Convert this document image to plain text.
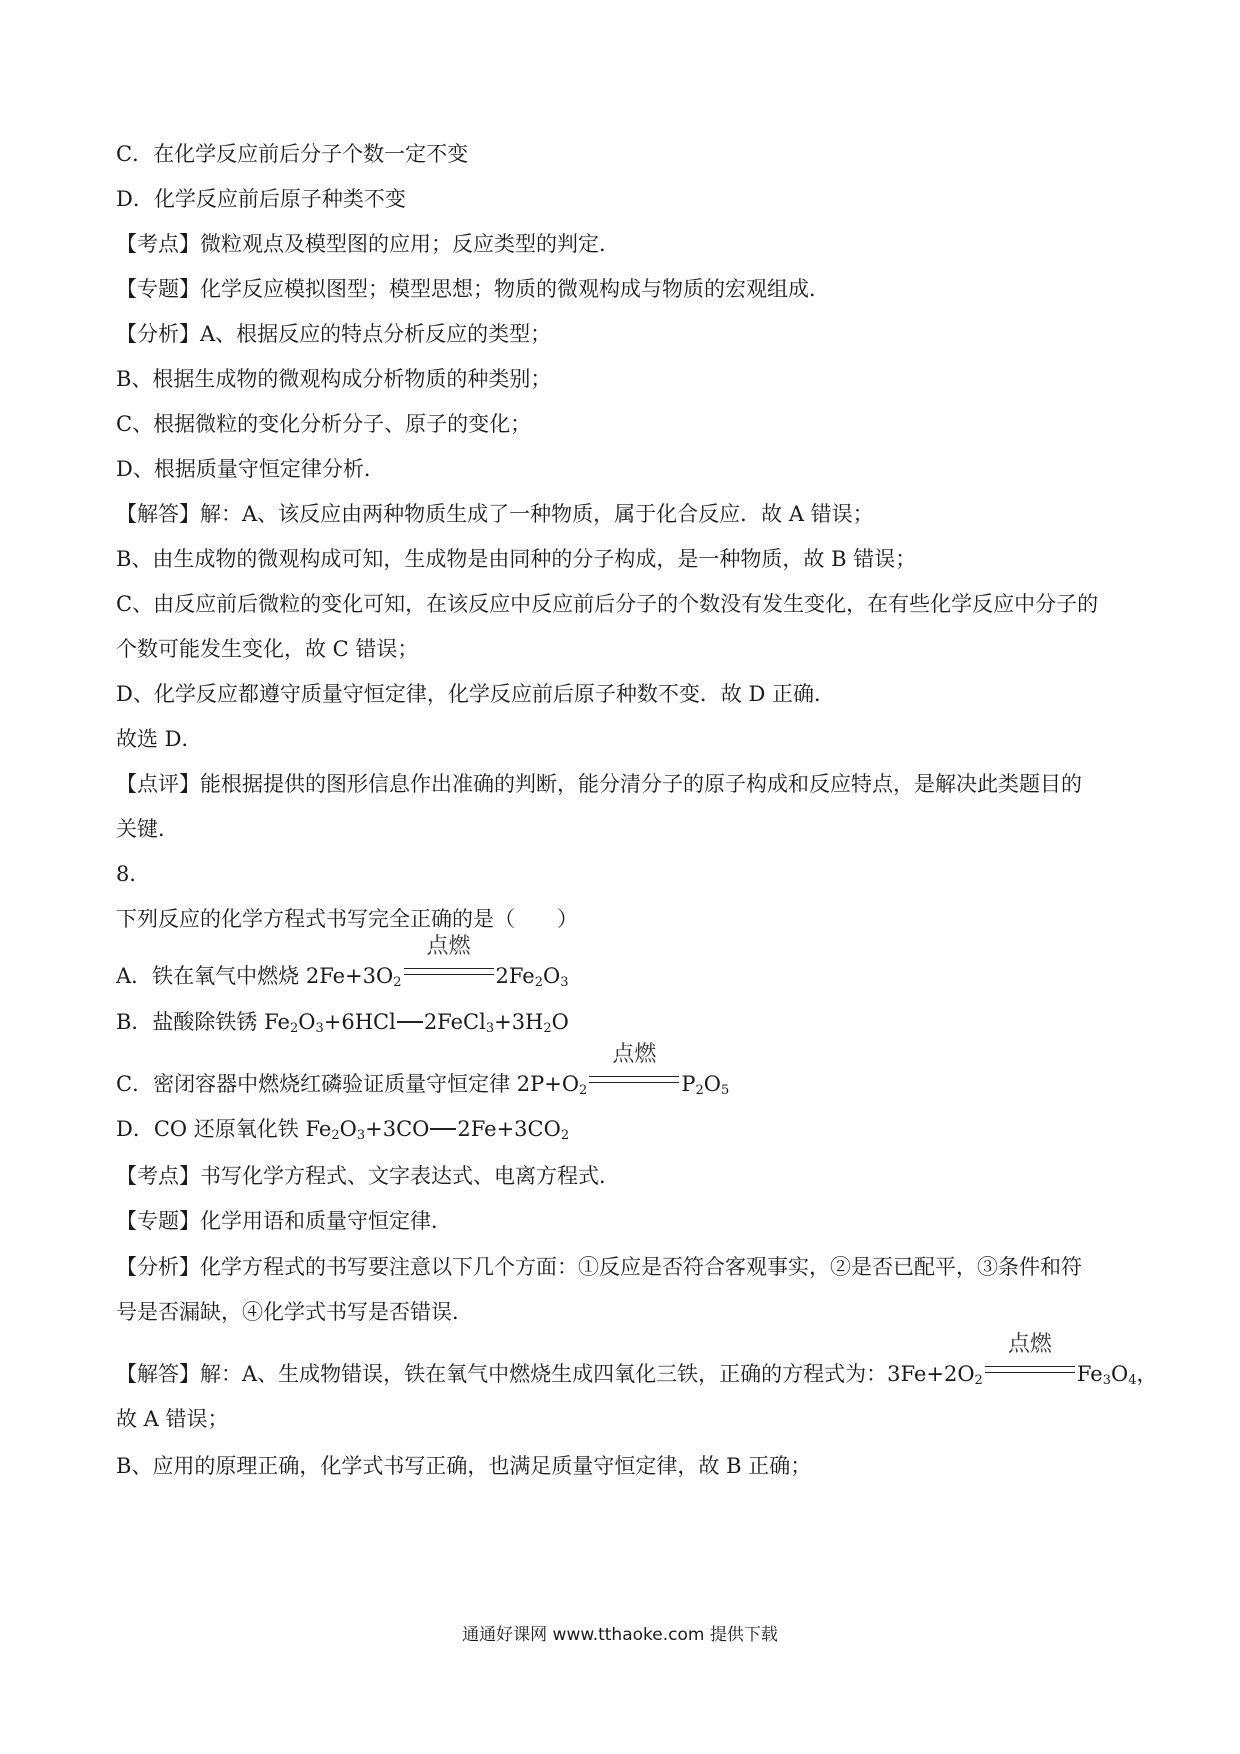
C．在化学反应前后分子个数一定不变
D．化学反应前后原子种类不变
【考点】微粒观点及模型图的应用；反应类型的判定．
【专题】化学反应模拟图型；模型思想；物质的微观构成与物质的宏观组成．
【分析】A、根据反应的特点分析反应的类型；
B、根据生成物的微观构成分析物质的种类别；
C、根据微粒的变化分析分子、原子的变化；
D、根据质量守恒定律分析．
【解答】解：A、该反应由两种物质生成了一种物质，属于化合反应．故 A 错误；
B、由生成物的微观构成可知，生成物是由同种的分子构成，是一种物质，故 B 错误；
C、由反应前后微粒的变化可知，在该反应中反应前后分子的个数没有发生变化，在有些化学反应中分子的
个数可能发生变化，故 C 错误；
D、化学反应都遵守质量守恒定律，化学反应前后原子种数不变．故 D 正确．
故选 D．
【点评】能根据提供的图形信息作出准确的判断，能分清分子的原子构成和反应特点，是解决此类题目的
关键．
8．
下列反应的化学方程式书写完全正确的是（　　）
A．铁在氧气中燃烧 $2Fe+3O_2$
点燃
$2Fe_2O_3$
B．盐酸除铁锈 $Fe_2O_3+6HCl$ $2FeCl_3+3H_2O$
C．密闭容器中燃烧红磷验证质量守恒定律 $2P+O_2$
点燃
$P_2O_5$
D．CO 还原氧化铁 $Fe_2O_3+3CO$ $2Fe+3CO_2$
【考点】书写化学方程式、文字表达式、电离方程式．
【专题】化学用语和质量守恒定律．
【分析】化学方程式的书写要注意以下几个方面：①反应是否符合客观事实，②是否已配平，③条件和符
号是否漏缺，④化学式书写是否错误．
【解答】解：A、生成物错误，铁在氧气中燃烧生成四氧化三铁，正确的方程式为：$3Fe+2O_2$
点燃
$Fe_3O_4$，
故 A 错误；
B、应用的原理正确，化学式书写正确，也满足质量守恒定律，故 B 正确；
通通好课网 www.tthaoke.com 提供下载
